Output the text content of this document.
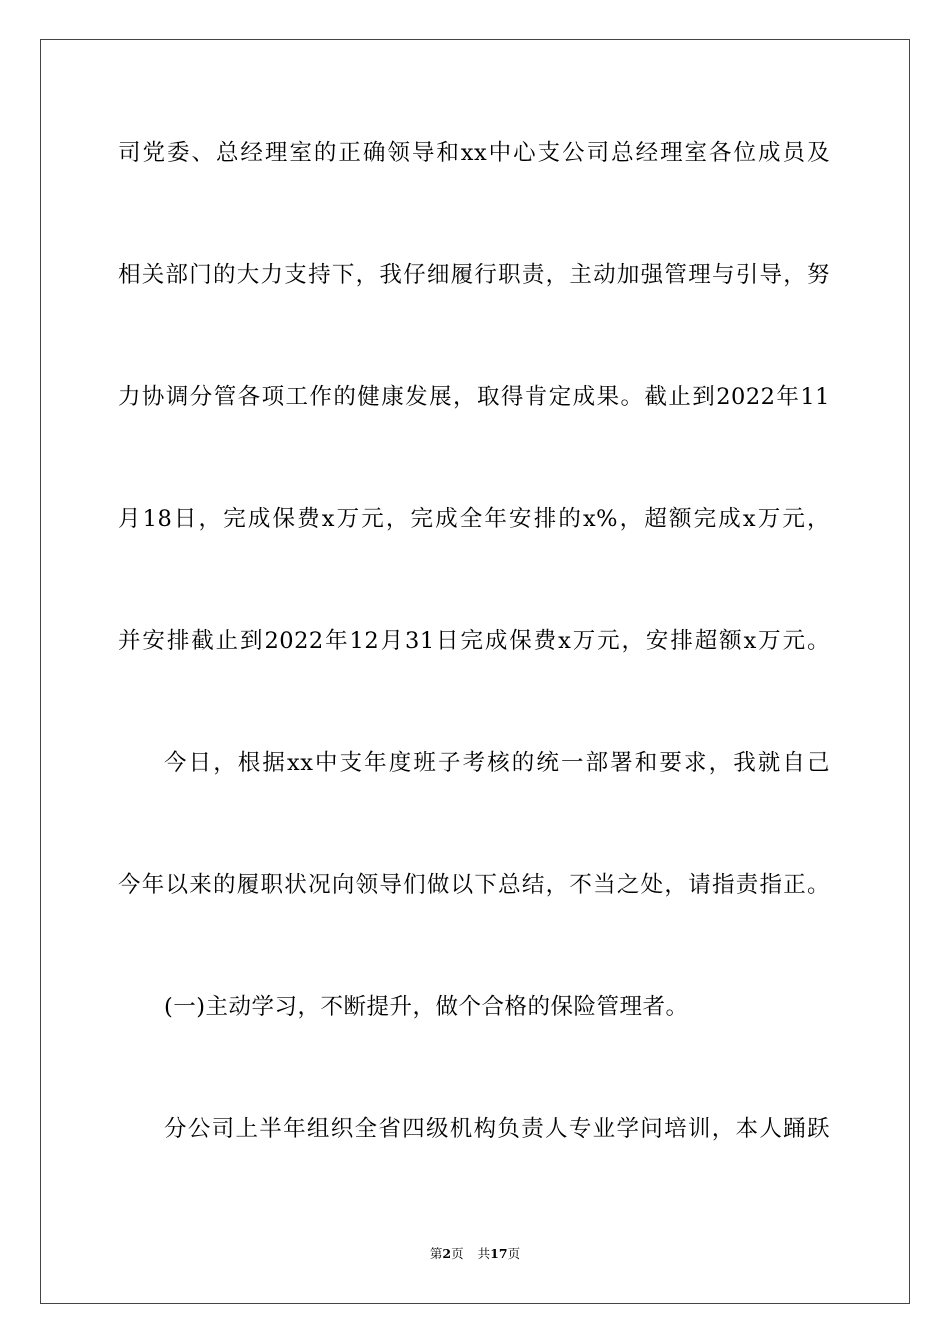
司党委、总经理室的正确领导和xx中心支公司总经理室各位成员及
相关部门的大力支持下，我仔细履行职责，主动加强管理与引导，努
力协调分管各项工作的健康发展，取得肯定成果。截止到2022年11
月18日，完成保费x万元，完成全年安排的x%，超额完成x万元，
并安排截止到2022年12月31日完成保费x万元，安排超额x万元。
今日，根据xx中支年度班子考核的统一部署和要求，我就自己
今年以来的履职状况向领导们做以下总结，不当之处，请指责指正。
(一)主动学习，不断提升，做个合格的保险管理者。
分公司上半年组织全省四级机构负责人专业学问培训，本人踊跃
第2页 共17页
